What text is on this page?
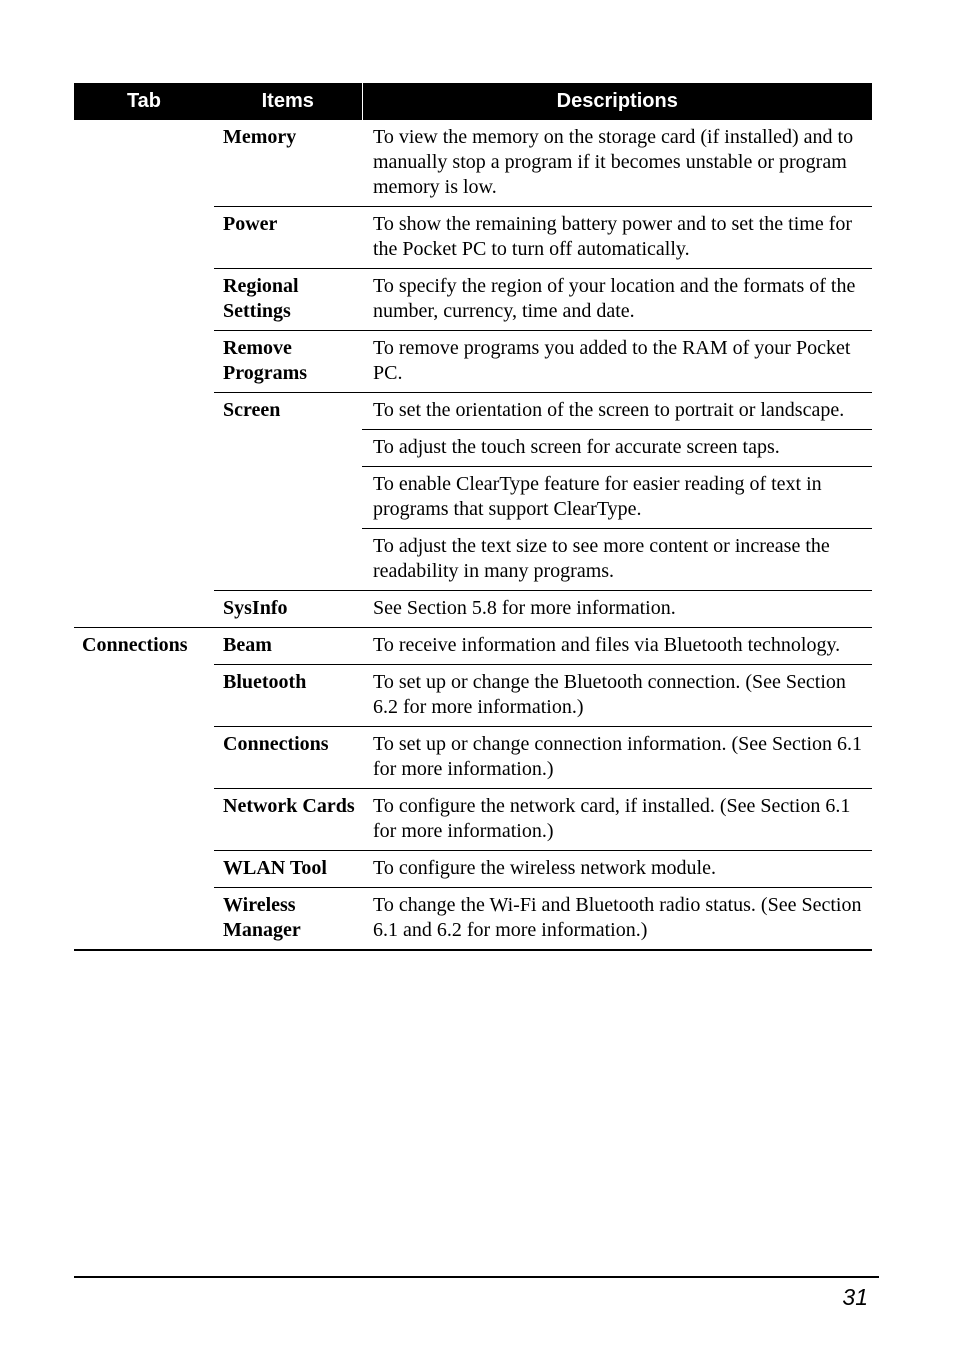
Tab	Items	Descriptions
	Memory	To view the memory on the storage card (if installed) and to manually stop a program if it becomes unstable or program memory is low.
	Power	To show the remaining battery power and to set the time for the Pocket PC to turn off automatically.
	Regional Settings	To specify the region of your location and the formats of the number, currency, time and date.
	Remove Programs	To remove programs you added to the RAM of your Pocket PC.
	Screen	To set the orientation of the screen to portrait or landscape.
		To adjust the touch screen for accurate screen taps.
		To enable ClearType feature for easier reading of text in programs that support ClearType.
		To adjust the text size to see more content or increase the readability in many programs.
	SysInfo	See Section 5.8 for more information.
Connections	Beam	To receive information and files via Bluetooth technology.
	Bluetooth	To set up or change the Bluetooth connection. (See Section 6.2 for more information.)
	Connections	To set up or change connection information. (See Section 6.1 for more information.)
	Network Cards	To configure the network card, if installed. (See Section 6.1 for more information.)
	WLAN Tool	To configure the wireless network module.
	Wireless Manager	To change the Wi-Fi and Bluetooth radio status. (See Section 6.1 and 6.2 for more information.)
31
